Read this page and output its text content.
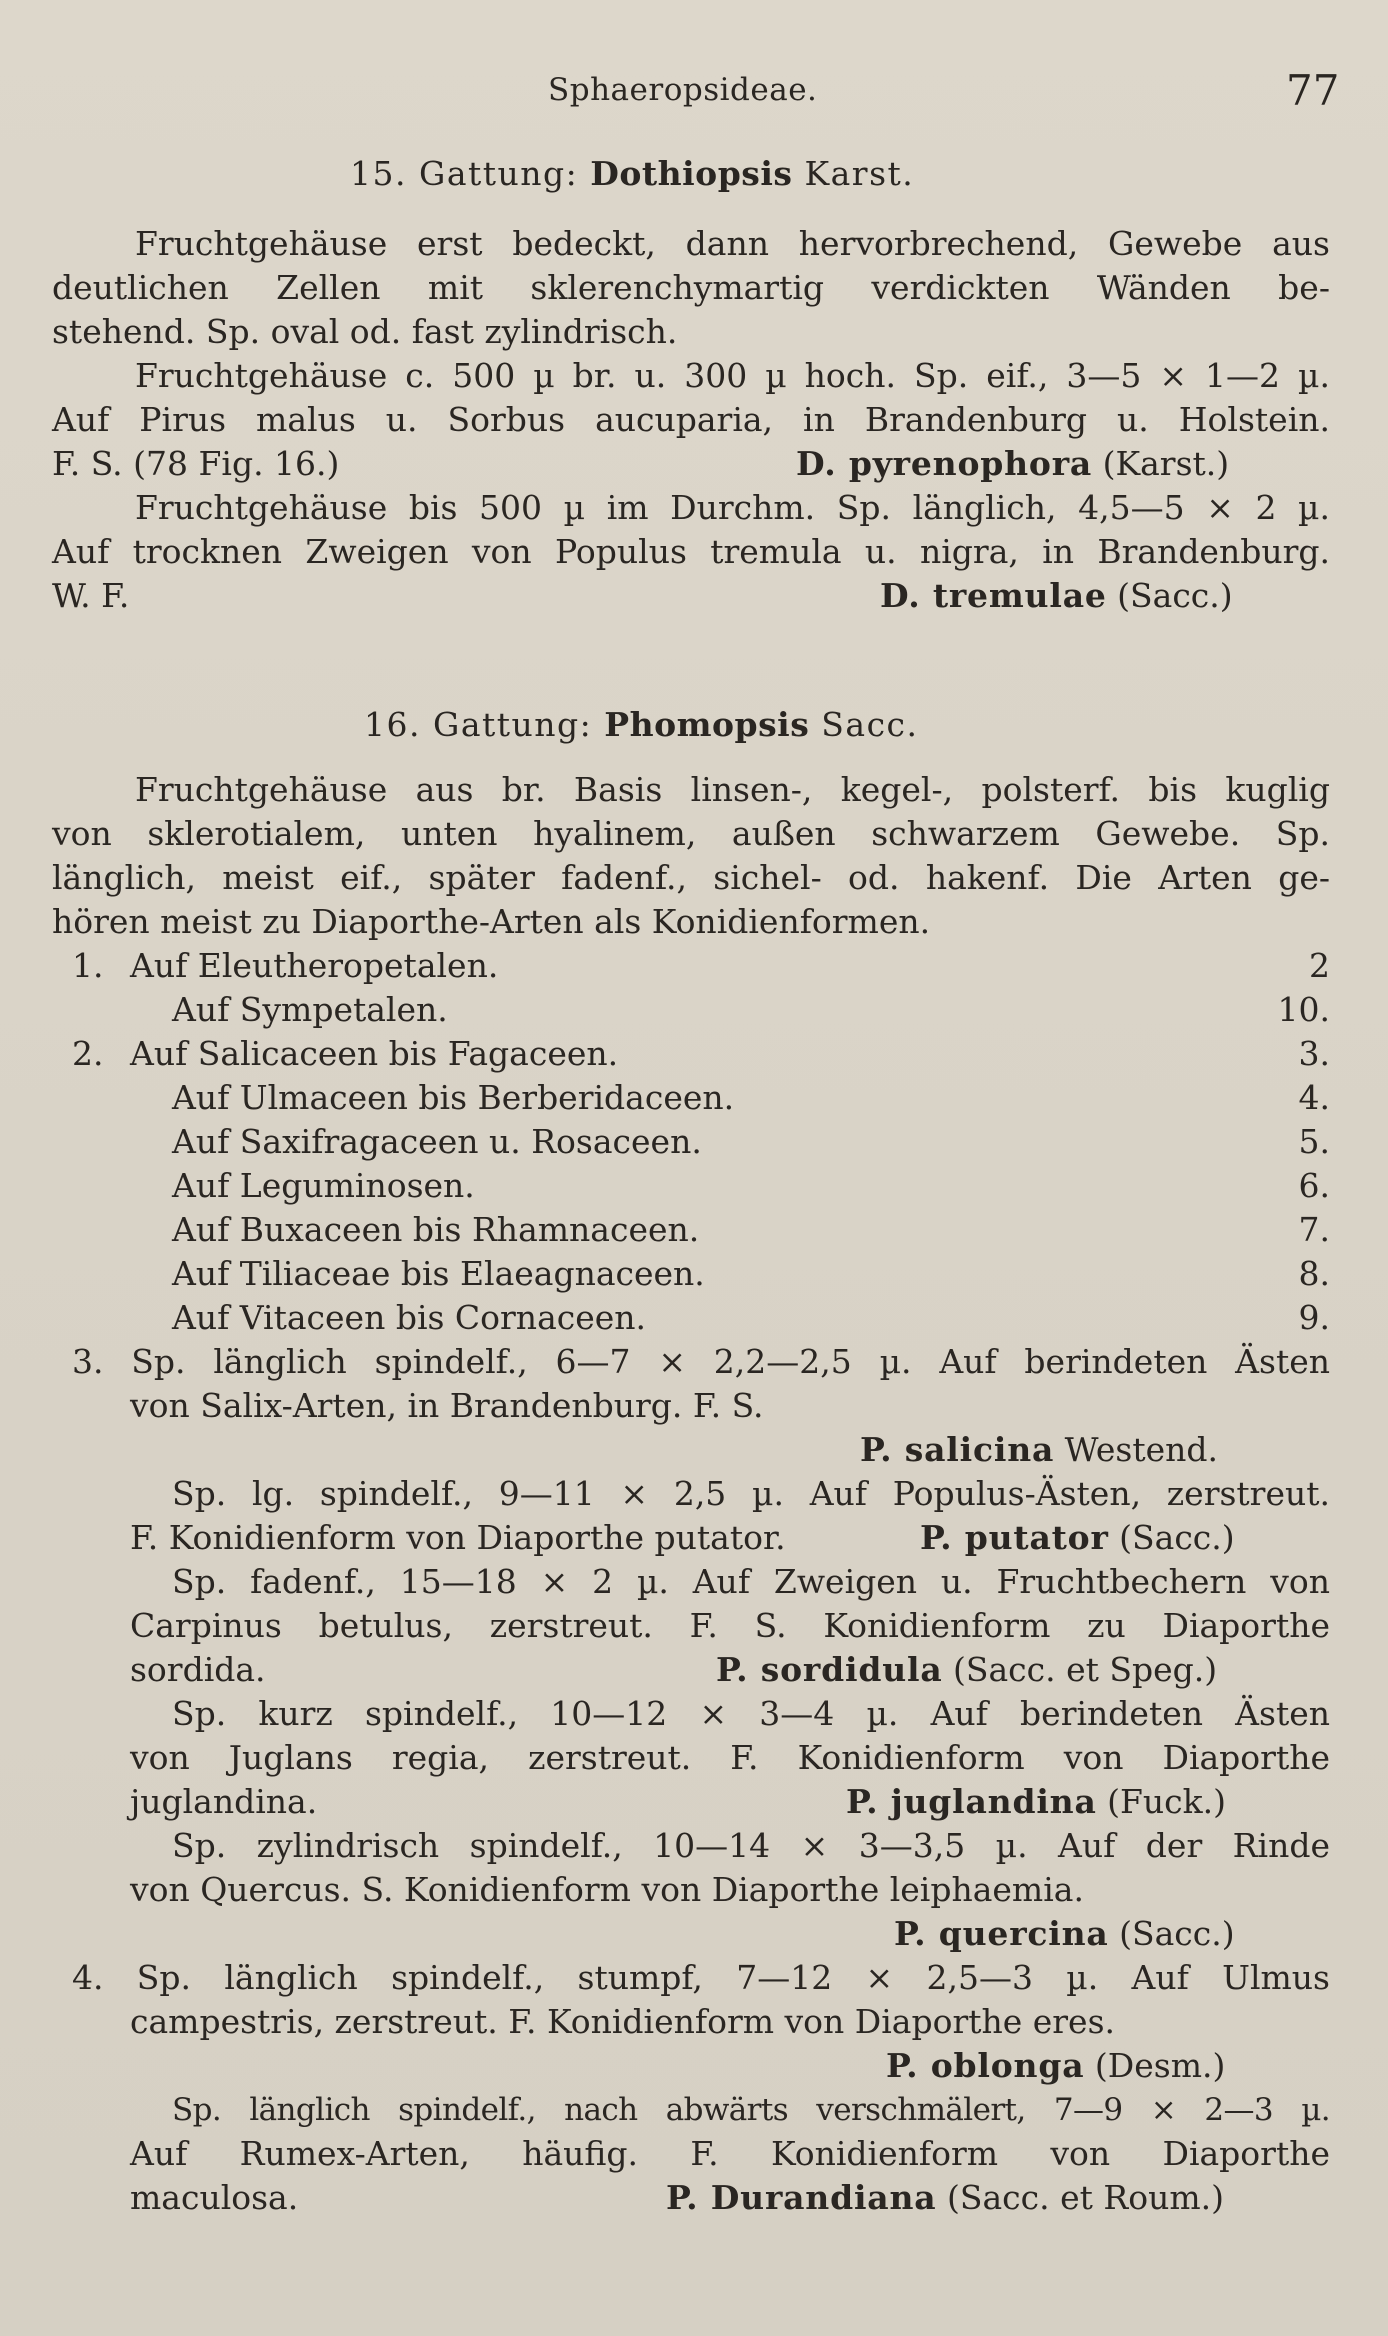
Sphaeropsideae.	77
15. Gattung: Dothiopsis Karst.
Fruchtgehäuse erst bedeckt, dann hervorbrechend, Gewebe aus
deutlichen Zellen mit sklerenchymartig verdickten Wänden be-
stehend. Sp. oval od. fast zylindrisch.
Fruchtgehäuse c. 500 µ br. u. 300 µ hoch. Sp. eif., 3—5 × 1—2 µ.
Auf Pirus malus u. Sorbus aucuparia, in Brandenburg u. Holstein.
F. S. (78 Fig. 16.)	D. pyrenophora (Karst.)
Fruchtgehäuse bis 500 µ im Durchm. Sp. länglich, 4,5—5 × 2 µ.
Auf trocknen Zweigen von Populus tremula u. nigra, in Brandenburg.
W. F.	D. tremulae (Sacc.)
16. Gattung: Phomopsis Sacc.
Fruchtgehäuse aus br. Basis linsen-, kegel-, polsterf. bis kuglig
von sklerotialem, unten hyalinem, außen schwarzem Gewebe. Sp.
länglich, meist eif., später fadenf., sichel- od. hakenf. Die Arten ge-
hören meist zu Diaporthe-Arten als Konidienformen.
1. Auf Eleutheropetalen.	2
Auf Sympetalen.	10.
2. Auf Salicaceen bis Fagaceen.	3.
Auf Ulmaceen bis Berberidaceen.	4.
Auf Saxifragaceen u. Rosaceen.	5.
Auf Leguminosen.	6.
Auf Buxaceen bis Rhamnaceen.	7.
Auf Tiliaceae bis Elaeagnaceen.	8.
Auf Vitaceen bis Cornaceen.	9.
3. Sp. länglich spindelf., 6—7 × 2,2—2,5 µ. Auf berindeten Ästen
von Salix-Arten, in Brandenburg. F. S.
P. salicina Westend.
Sp. lg. spindelf., 9—11 × 2,5 µ. Auf Populus-Ästen, zerstreut.
F. Konidienform von Diaporthe putator.	P. putator (Sacc.)
Sp. fadenf., 15—18 × 2 µ. Auf Zweigen u. Fruchtbechern von
Carpinus betulus, zerstreut. F. S. Konidienform zu Diaporthe
sordida.	P. sordidula (Sacc. et Speg.)
Sp. kurz spindelf., 10—12 × 3—4 µ. Auf berindeten Ästen
von Juglans regia, zerstreut. F. Konidienform von Diaporthe
juglandina.	P. juglandina (Fuck.)
Sp. zylindrisch spindelf., 10—14 × 3—3,5 µ. Auf der Rinde
von Quercus. S. Konidienform von Diaporthe leiphaemia.
P. quercina (Sacc.)
4. Sp. länglich spindelf., stumpf, 7—12 × 2,5—3 µ. Auf Ulmus
campestris, zerstreut. F. Konidienform von Diaporthe eres.
P. oblonga (Desm.)
Sp. länglich spindelf., nach abwärts verschmälert, 7—9 × 2—3 µ.
Auf Rumex-Arten, häufig. F. Konidienform von Diaporthe
maculosa.	P. Durandiana (Sacc. et Roum.)
